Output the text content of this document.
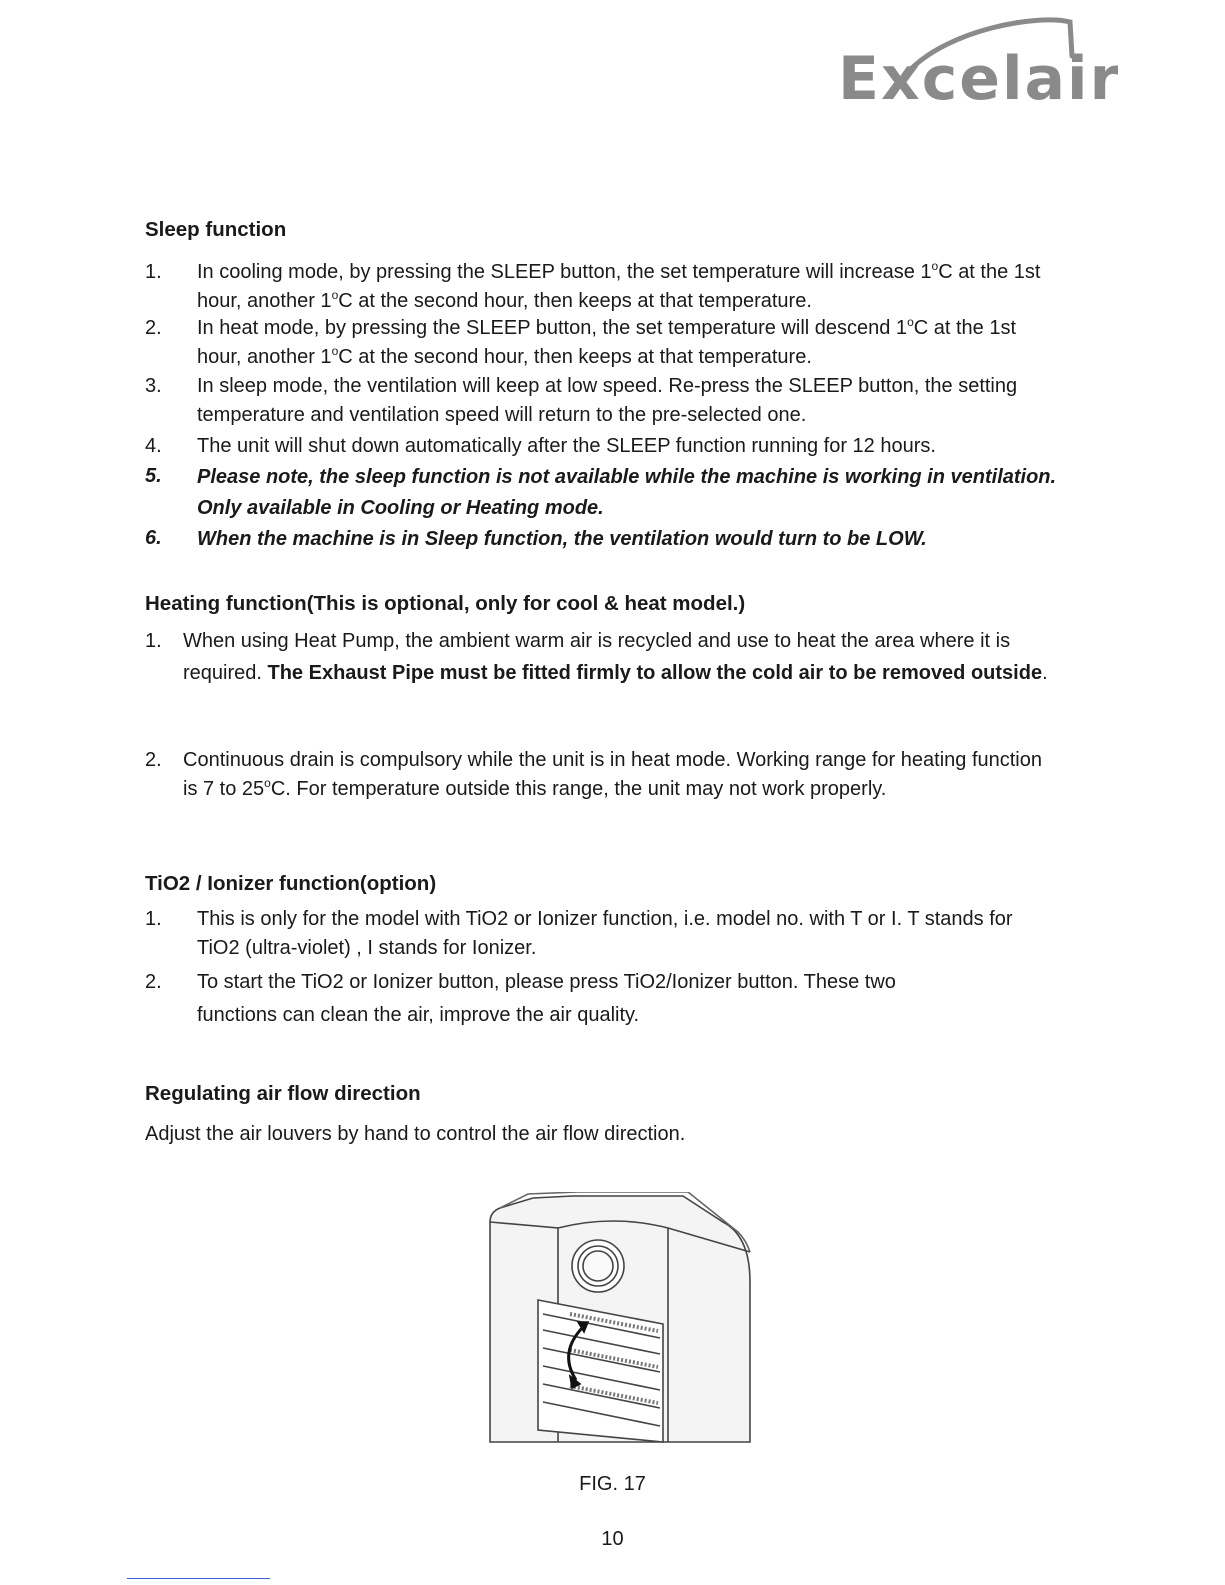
Excelair
Sleep function
1. In cooling mode, by pressing the SLEEP button, the set temperature will increase 1$^o$C at the 1st hour, another 1$^o$C at the second hour, then keeps at that temperature.
2. In heat mode, by pressing the SLEEP button, the set temperature will descend 1$^o$C at the 1st hour, another 1$^o$C at the second hour, then keeps at that temperature.
3. In sleep mode, the ventilation will keep at low speed. Re-press the SLEEP button, the setting temperature and ventilation speed will return to the pre-selected one.
4. The unit will shut down automatically after the SLEEP function running for 12 hours.
5. Please note, the sleep function is not available while the machine is working in ventilation. Only available in Cooling or Heating mode.
6. When the machine is in Sleep function, the ventilation would turn to be LOW.
Heating function(This is optional, only for cool & heat model.)
1. When using Heat Pump, the ambient warm air is recycled and use to heat the area where it is required. The Exhaust Pipe must be fitted firmly to allow the cold air to be removed outside.
2. Continuous drain is compulsory while the unit is in heat mode. Working range for heating function is 7 to 25$^o$C. For temperature outside this range, the unit may not work properly.
TiO2 / Ionizer function(option)
1. This is only for the model with TiO2 or Ionizer function, i.e. model no. with T or I. T stands for TiO2 (ultra-violet) , I stands for Ionizer.
2. To start the TiO2 or Ionizer button, please press TiO2/Ionizer button. These two functions can clean the air, improve the air quality.
Regulating air flow direction
Adjust the air louvers by hand to control the air flow direction.
FIG. 17
10
